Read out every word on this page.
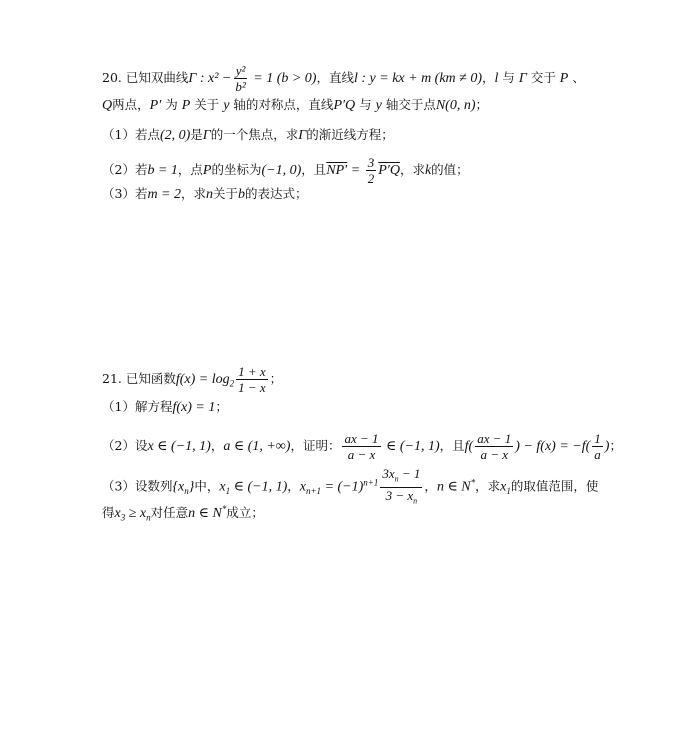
20. 已知双曲线Γ : $x^2 - \frac{\text{y²}}{\text{b²}} = 1$ (b > 0)，直线l : y = kx + m (km ≠ 0)，l 与 Γ 交于 P 、
Q两点，P′ 为 P 关于 y 轴的对称点，直线P′Q 与 y 轴交于点N(0, n)；
（1）若点(2, 0)是Γ的一个焦点，求Γ的渐近线方程；
（2）若b = 1，点P的坐标为(−1, 0)，且$NP' = \frac{3}{2} P'Q$，求k的值；
（3）若m = 2，求n关于b的表达式；
21. 已知函数$f(x) = \log_2 \frac{1 + x}{1 - x}$ ；
（1）解方程f(x) = 1；
（2）设x ∈ (−1, 1)，a ∈ (1, +∞)，证明： $\frac{ax - 1}{a - x}$ ∈ (−1, 1)，且$f( \frac{ax - 1}{a - x}$ ) − $f(x) = -f( \frac{1}{a}$ )；
（3）设数列$\{x_n\}$中，$x_1$ ∈ (−1, 1)，$x_{n+1} = (-1)^{n+1} \frac{3x_n - 1}{3 - x_n}$ ，n ∈ N*，求$x_1$的取值范围，使
得$x_3 \ge x_n$对任意n ∈ N*成立；
